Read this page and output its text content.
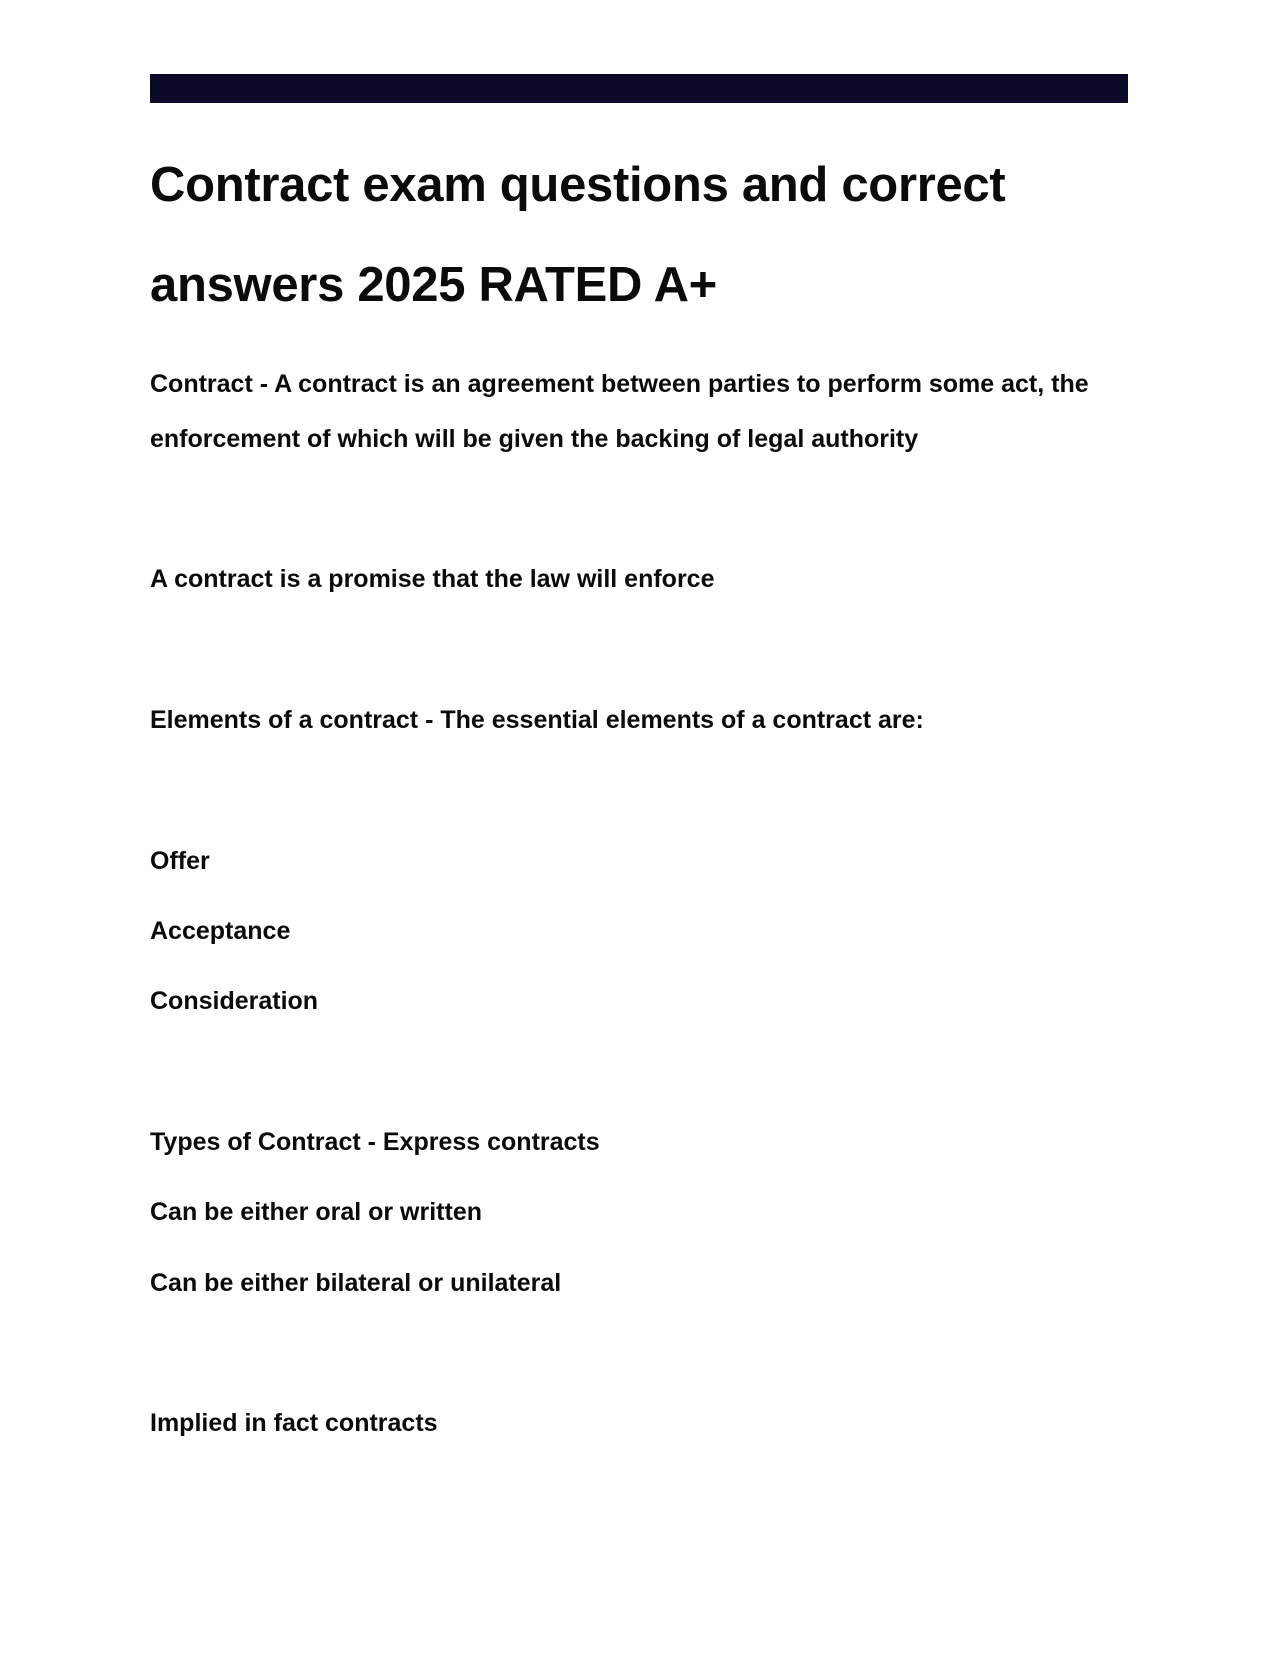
Contract exam questions and correct
answers 2025 RATED A+

Contract - A contract is an agreement between parties to perform some act, the

enforcement of which will be given the backing of legal authority

A contract is a promise that the law will enforce

Elements of a contract - The essential elements of a contract are:

Offer

Acceptance

Consideration

Types of Contract - Express contracts

Can be either oral or written

Can be either bilateral or unilateral

Implied in fact contracts
